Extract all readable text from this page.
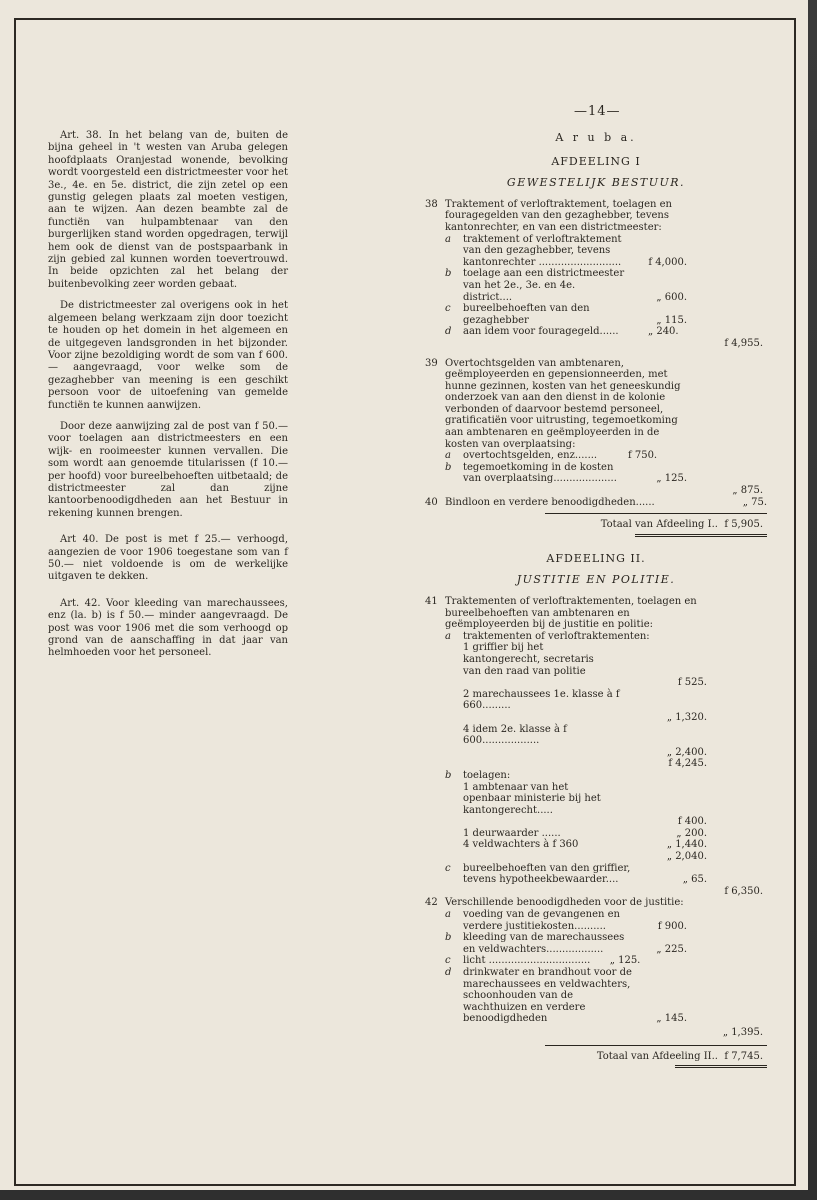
—14—

Art. 38. In het belang van de, buiten de bijna geheel in 't westen van Aruba gelegen hoofdplaats Oranjestad wonende, bevolking wordt voorgesteld een districtmeester voor het 3e., 4e. en 5e. district, die zijn zetel op een gunstig gelegen plaats zal moeten vestigen, aan te wijzen. Aan dezen beambte zal de functiën van hulpambtenaar van den burgerlijken stand worden opgedragen, terwijl hem ook de dienst van de postspaarbank in zijn gebied zal kunnen worden toevertrouwd. In beide opzichten zal het belang der buitenbevolking zeer worden gebaat.

De districtmeester zal overigens ook in het algemeen belang werkzaam zijn door toezicht te houden op het domein in het algemeen en de uitgegeven landsgronden in het bijzonder. Voor zijne bezoldiging wordt de som van f 600.— aangevraagd, voor welke som de gezaghebber van meening is een geschikt persoon voor de uitoefening van gemelde functiën te kunnen aanwijzen.

Door deze aanwijzing zal de post van f 50.— voor toelagen aan districtmeesters en een wijk- en rooimeester kunnen vervallen. Die som wordt aan genoemde titularissen (f 10.— per hoofd) voor bureelbehoeften uitbetaald; de districtmeester zal dan zijne kantoorbenoodigdheden aan het Bestuur in rekening kunnen brengen.

Art 40. De post is met f 25.— verhoogd, aangezien de voor 1906 toegestane som van f 50.— niet voldoende is om de werkelijke uitgaven te dekken.

Art. 42. Voor kleeding van marechaussees, enz (la. b) is f 50.— minder aangevraagd. De post was voor 1906 met die som verhoogd op grond van de aanschaffing in dat jaar van helmhoeden voor het personeel.

A r u b a.
AFDEELING I
GEWESTELIJK BESTUUR.
38 Traktement of verloftraktement, toelagen en fouragegelden van den gezaghebber, tevens kantonrechter, en van een districtmeester:
a	traktement of verloftraktement van den gezaghebber, tevens kantonrechter ..........................	f 4,000.
b	toelage aan een districtmeester van het 2e., 3e. en 4e. district....	„ 600.
c	bureelbehoeften van den gezaghebber	„ 115.
d	aan idem voor fouragegeld......	„ 240.
f 4,955.
39 Overtochtsgelden van ambtenaren, geëmployeerden en gepensionneerden, met hunne gezinnen, kosten van het geneeskundig onderzoek van aan den dienst in de kolonie verbonden of daarvoor bestemd personeel, gratificatiën voor uitrusting, tegemoetkoming aan ambtenaren en geëmployeerden in de kosten van overplaatsing:
a	overtochtsgelden, enz.......	f 750.
b	tegemoetkoming in de kosten van overplaatsing....................	„ 125.
„ 875.
40 Bindloon en verdere benoodigdheden......	„ 75.
Totaal van Afdeeling I.. f 5,905.
AFDEELING II.
JUSTITIE EN POLITIE.
41 Traktementen of verloftraktementen, toelagen en bureelbehoeften van ambtenaren en geëmployeerden bij de justitie en politie:
a	traktementen of verloftraktementen:
1 griffier bij het kantongerecht, secretaris van den raad van politie
f 525.
2 marechaussees 1e. klasse à f 660.........
„ 1,320.
4 idem 2e. klasse à f 600..................
„ 2,400.
f 4,245.
b	toelagen:
1 ambtenaar van het openbaar ministerie bij het kantongerecht.....
f 400.
1 deurwaarder ......	„ 200.
4 veldwachters à f 360	„ 1,440.
„ 2,040.
c	bureelbehoeften van den griffier, tevens hypotheekbewaarder....	„ 65.
f 6,350.
42 Verschillende benoodigdheden voor de justitie:
a	voeding van de gevangenen en verdere justitiekosten..........	f 900.
b	kleeding van de marechaussees en veldwachters..................	„ 225.
c	licht ................................	„ 125.
d	drinkwater en brandhout voor de marechaussees en veldwachters, schoonhouden van de wachthuizen en verdere benoodigdheden	„ 145.
„ 1,395.
Totaal van Afdeeling II.. f 7,745.
